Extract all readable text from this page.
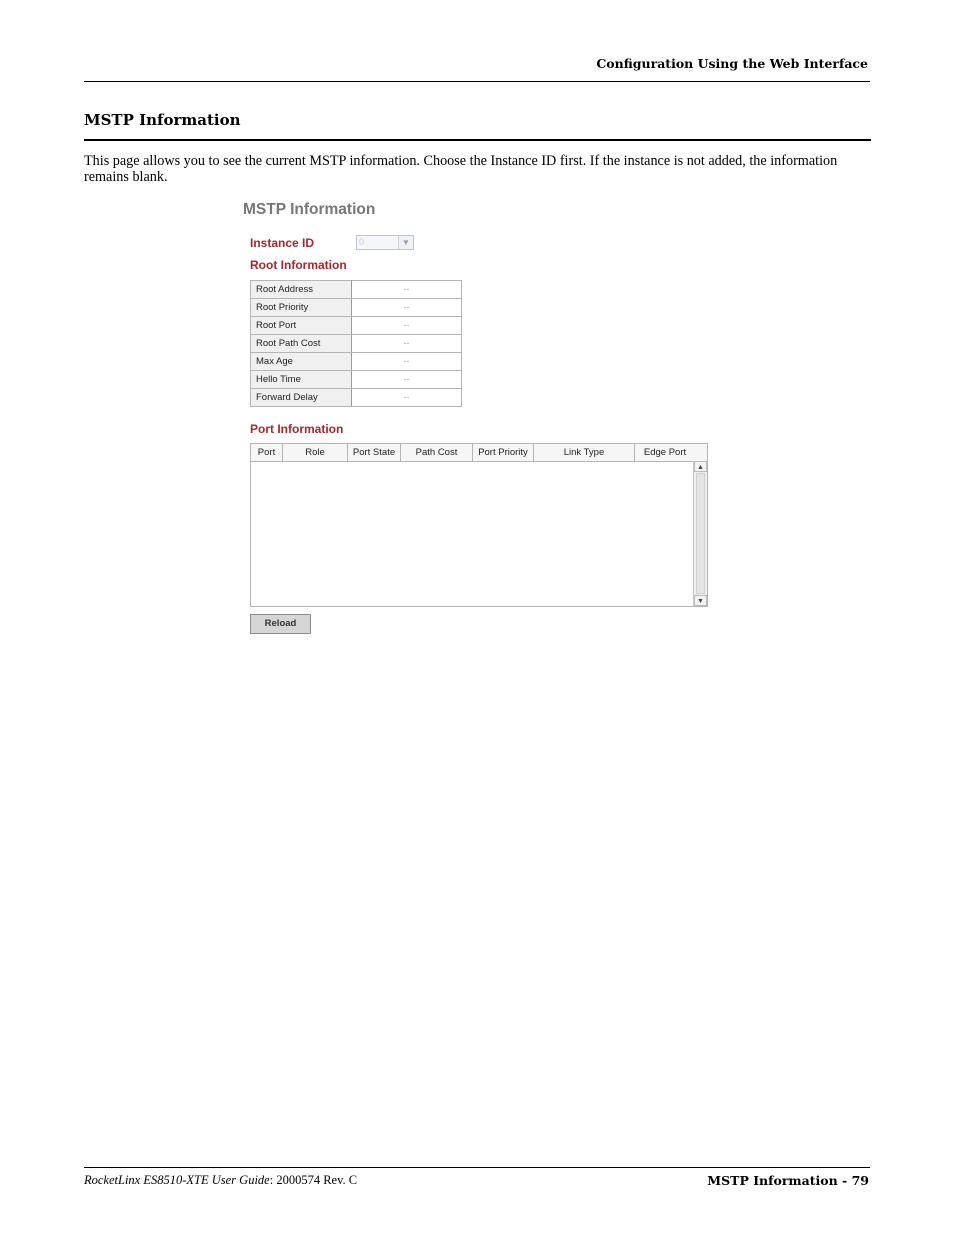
Configuration Using the Web Interface
MSTP Information
This page allows you to see the current MSTP information. Choose the Instance ID first. If the instance is not added, the information remains blank.
MSTP Information
Instance ID	0	▼
Root Information
Root Address	--
Root Priority	--
Root Port	--
Root Path Cost	--
Max Age	--
Hello Time	--
Forward Delay	--
Port Information
Port	Role	Port State	Path Cost	Port Priority	Link Type	Edge Port
▲
▼
Reload
RocketLinx ES8510-XTE User Guide: 2000574 Rev. C	MSTP Information - 79
